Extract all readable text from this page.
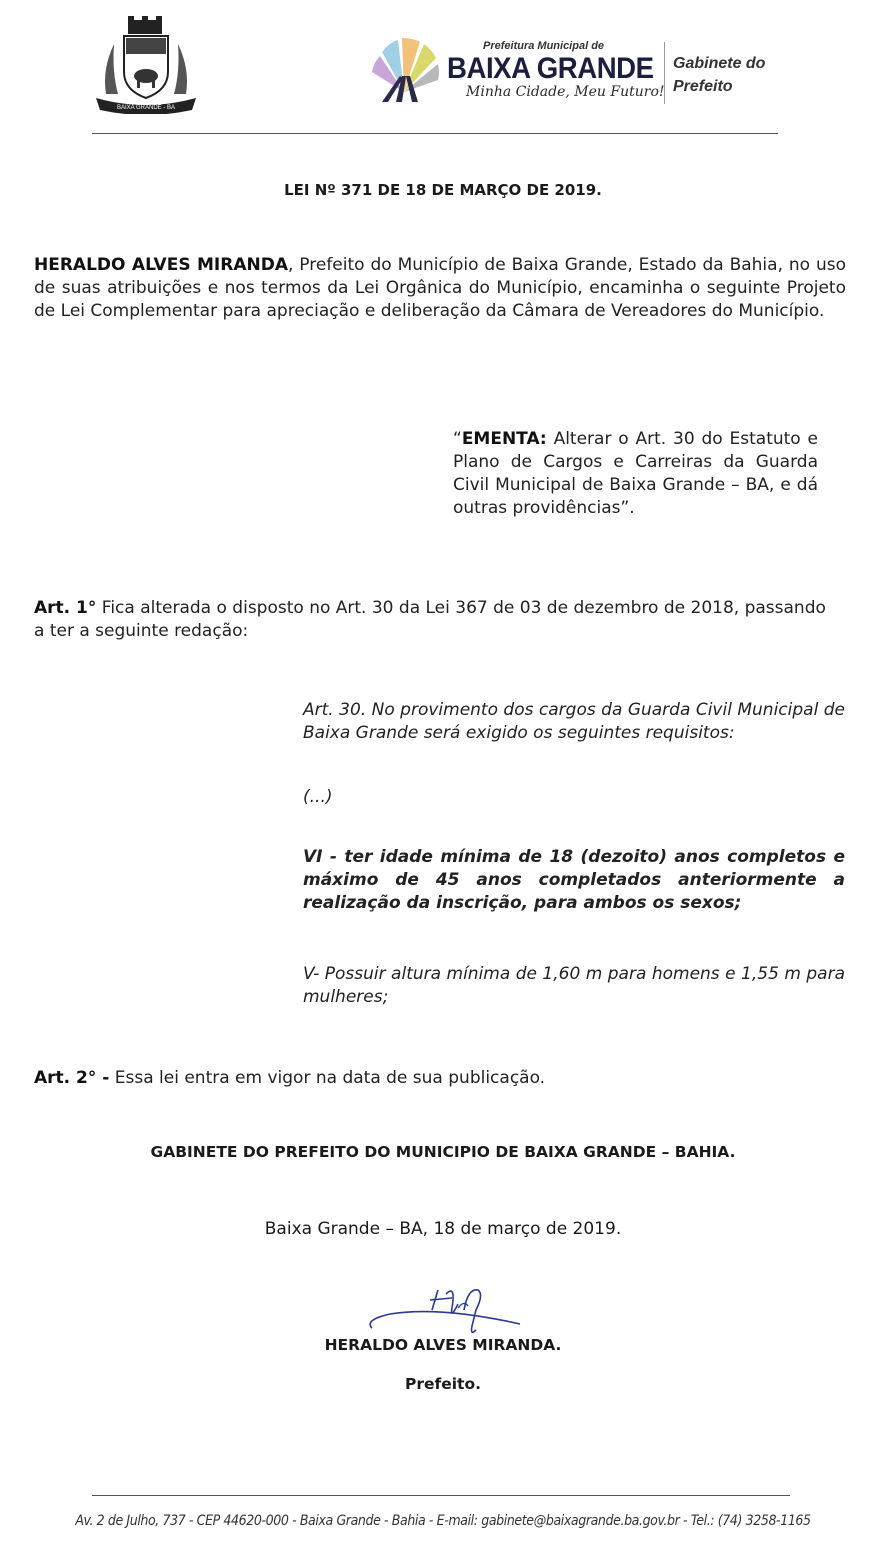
BAIXA GRANDE - BA
Prefeitura Municipal de
BAIXA GRANDE
Minha Cidade, Meu Futuro!
Gabinete do
Prefeito
LEI Nº 371 DE 18 DE MARÇO DE 2019.

HERALDO ALVES MIRANDA, Prefeito do Município de Baixa Grande, Estado da Bahia, no uso de suas atribuições e nos termos da Lei Orgânica do Município, encaminha o seguinte Projeto de Lei Complementar para apreciação e deliberação da Câmara de Vereadores do Município.

“EMENTA: Alterar o Art. 30 do Estatuto e Plano de Cargos e Carreiras da Guarda Civil Municipal de Baixa Grande – BA, e dá outras providências”.

Art. 1° Fica alterada o disposto no Art. 30 da Lei 367 de 03 de dezembro de 2018, passando a ter a seguinte redação:

Art. 30. No provimento dos cargos da Guarda Civil Municipal de Baixa Grande será exigido os seguintes requisitos:

(...)

VI - ter idade mínima de 18 (dezoito) anos completos e máximo de 45 anos completados anteriormente a realização da inscrição, para ambos os sexos;

V- Possuir altura mínima de 1,60 m para homens e 1,55 m para mulheres;

Art. 2° - Essa lei entra em vigor na data de sua publicação.

GABINETE DO PREFEITO DO MUNICIPIO DE BAIXA GRANDE – BAHIA.
Baixa Grande – BA, 18 de março de 2019.
HERALDO ALVES MIRANDA.
Prefeito.
Av. 2 de Julho, 737 - CEP 44620-000 - Baixa Grande - Bahia - E-mail: gabinete@baixagrande.ba.gov.br - Tel.: (74) 3258-1165
